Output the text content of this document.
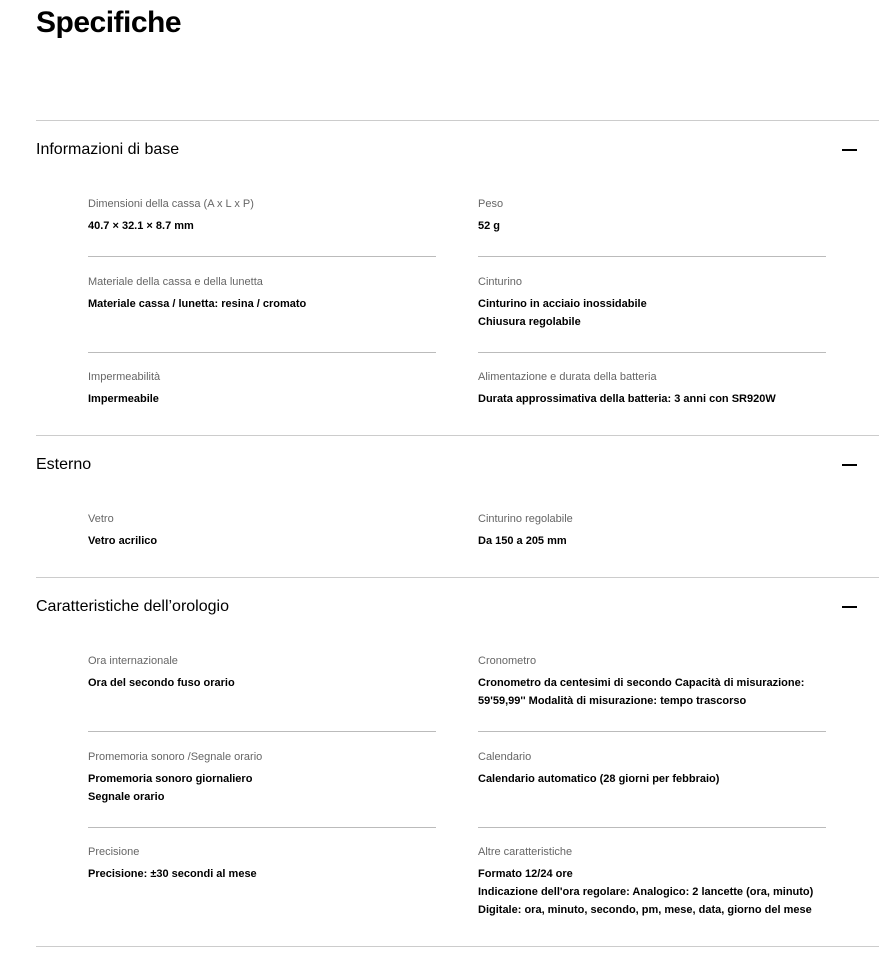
Specifiche
Informazioni di base
Dimensioni della cassa (A x L x P)
40.7 × 32.1 × 8.7 mm
Peso
52 g
Materiale della cassa e della lunetta
Materiale cassa / lunetta: resina / cromato
Cinturino
Cinturino in acciaio inossidabile
Chiusura regolabile
Impermeabilità
Impermeabile
Alimentazione e durata della batteria
Durata approssimativa della batteria: 3 anni con SR920W
Esterno
Vetro
Vetro acrilico
Cinturino regolabile
Da 150 a 205 mm
Caratteristiche dell’orologio
Ora internazionale
Ora del secondo fuso orario
Cronometro
Cronometro da centesimi di secondo Capacità di misurazione:
59'59,99'' Modalità di misurazione: tempo trascorso
Promemoria sonoro /Segnale orario
Promemoria sonoro giornaliero
Segnale orario
Calendario
Calendario automatico (28 giorni per febbraio)
Precisione
Precisione: ±30 secondi al mese
Altre caratteristiche
Formato 12/24 ore
Indicazione dell'ora regolare: Analogico: 2 lancette (ora, minuto)
Digitale: ora, minuto, secondo, pm, mese, data, giorno del mese
